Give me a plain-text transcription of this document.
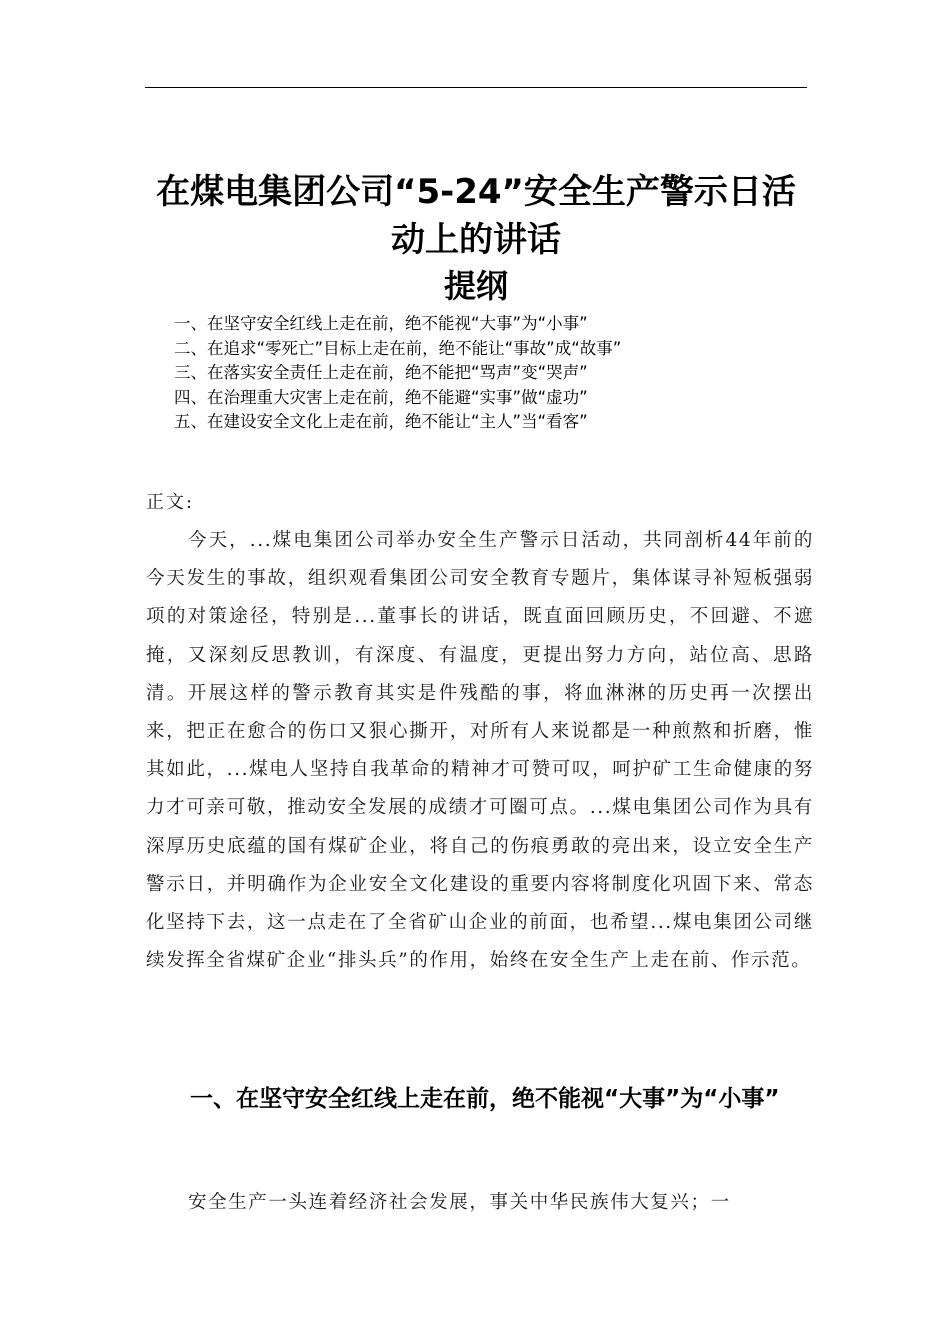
在煤电集团公司“5-24”安全生产警示日活动上的讲话
提纲
一、在坚守安全红线上走在前，绝不能视“大事”为“小事”
二、在追求“零死亡”目标上走在前，绝不能让“事故”成“故事”
三、在落实安全责任上走在前，绝不能把“骂声”变“哭声”
四、在治理重大灾害上走在前，绝不能避“实事”做“虚功”
五、在建设安全文化上走在前，绝不能让“主人”当“看客”

正文:

今天，...煤电集团公司举办安全生产警示日活动，共同剖析44年前的今天发生的事故，组织观看集团公司安全教育专题片，集体谋寻补短板强弱项的对策途径，特别是...董事长的讲话，既直面回顾历史，不回避、不遮掩，又深刻反思教训，有深度、有温度，更提出努力方向，站位高、思路清。开展这样的警示教育其实是件残酷的事，将血淋淋的历史再一次摆出来，把正在愈合的伤口又狠心撕开，对所有人来说都是一种煎熬和折磨，惟其如此，...煤电人坚持自我革命的精神才可赞可叹，呵护矿工生命健康的努力才可亲可敬，推动安全发展的成绩才可圈可点。...煤电集团公司作为具有深厚历史底蕴的国有煤矿企业，将自己的伤痕勇敢的亮出来，设立安全生产警示日，并明确作为企业安全文化建设的重要内容将制度化巩固下来、常态化坚持下去，这一点走在了全省矿山企业的前面，也希望...煤电集团公司继续发挥全省煤矿企业“排头兵”的作用，始终在安全生产上走在前、作示范。

一、在坚守安全红线上走在前，绝不能视“大事”为“小事”

安全生产一头连着经济社会发展，事关中华民族伟大复兴；一
